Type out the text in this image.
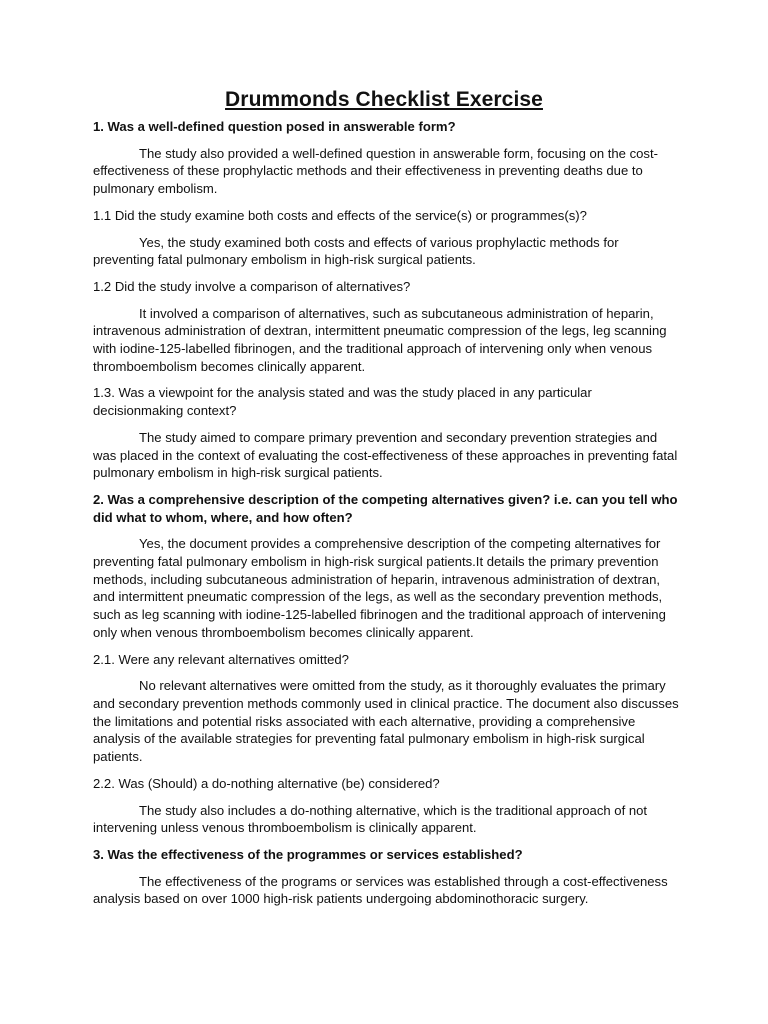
Drummonds Checklist Exercise

1. Was a well-defined question posed in answerable form?

The study also provided a well-defined question in answerable form, focusing on the cost-effectiveness of these prophylactic methods and their effectiveness in preventing deaths due to pulmonary embolism.

1.1 Did the study examine both costs and effects of the service(s) or programmes(s)?

Yes, the study examined both costs and effects of various prophylactic methods for preventing fatal pulmonary embolism in high-risk surgical patients.

1.2 Did the study involve a comparison of alternatives?

It involved a comparison of alternatives, such as subcutaneous administration of heparin, intravenous administration of dextran, intermittent pneumatic compression of the legs, leg scanning with iodine-125-labelled fibrinogen, and the traditional approach of intervening only when venous thromboembolism becomes clinically apparent.

1.3. Was a viewpoint for the analysis stated and was the study placed in any particular decisionmaking context?

The study aimed to compare primary prevention and secondary prevention strategies and was placed in the context of evaluating the cost-effectiveness of these approaches in preventing fatal pulmonary embolism in high-risk surgical patients.

2. Was a comprehensive description of the competing alternatives given? i.e. can you tell who did what to whom, where, and how often?

Yes, the document provides a comprehensive description of the competing alternatives for preventing fatal pulmonary embolism in high-risk surgical patients.It details the primary prevention methods, including subcutaneous administration of heparin, intravenous administration of dextran, and intermittent pneumatic compression of the legs, as well as the secondary prevention methods, such as leg scanning with iodine-125-labelled fibrinogen and the traditional approach of intervening only when venous thromboembolism becomes clinically apparent.

2.1. Were any relevant alternatives omitted?

No relevant alternatives were omitted from the study, as it thoroughly evaluates the primary and secondary prevention methods commonly used in clinical practice. The document also discusses the limitations and potential risks associated with each alternative, providing a comprehensive analysis of the available strategies for preventing fatal pulmonary embolism in high-risk surgical patients.

2.2. Was (Should) a do-nothing alternative (be) considered?

The study also includes a do-nothing alternative, which is the traditional approach of not intervening unless venous thromboembolism is clinically apparent.

3. Was the effectiveness of the programmes or services established?

The effectiveness of the programs or services was established through a cost-effectiveness analysis based on over 1000 high-risk patients undergoing abdominothoracic surgery.
